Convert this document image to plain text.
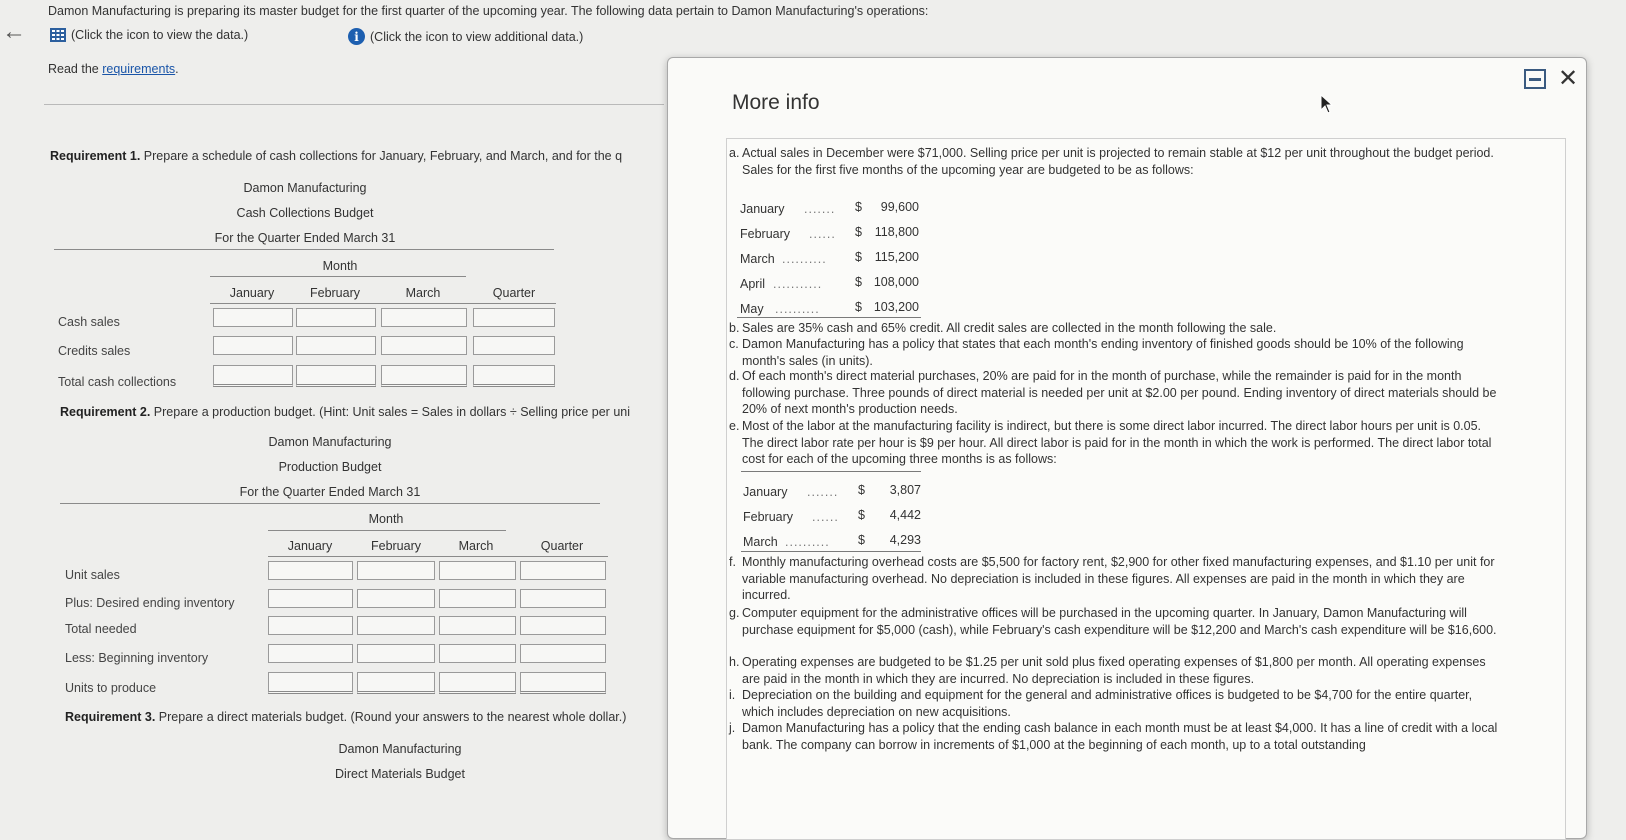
←
Damon Manufacturing is preparing its master budget for the first quarter of the upcoming year. The following data pertain to Damon Manufacturing's operations:
(Click the icon to view the data.)	i (Click the icon to view additional data.)
Read the requirements.
Requirement 1. Prepare a schedule of cash collections for January, February, and March, and for the q
Damon Manufacturing
Cash Collections Budget
For the Quarter Ended March 31
Month
January	February	March	Quarter
Cash sales
Credits sales
Total cash collections
Requirement 2. Prepare a production budget. (Hint: Unit sales = Sales in dollars ÷ Selling price per uni
Damon Manufacturing
Production Budget
For the Quarter Ended March 31
Month
January	February	March	Quarter
Unit sales
Plus: Desired ending inventory
Total needed
Less: Beginning inventory
Units to produce
Requirement 3. Prepare a direct materials budget. (Round your answers to the nearest whole dollar.)
Damon Manufacturing
Direct Materials Budget
More info
✕
a. Actual sales in December were $71,000. Selling price per unit is projected to remain stable at $12 per unit throughout the budget period. Sales for the first five months of the upcoming year are budgeted to be as follows:
January ....... $	99,600
February ...... $	118,800
March .......... $	115,200
April ...........	$ 108,000
May ..........	$ 103,200
b. Sales are 35% cash and 65% credit. All credit sales are collected in the month following the sale.
c. Damon Manufacturing has a policy that states that each month's ending inventory of finished goods should be 10% of the following month's sales (in units).
d. Of each month's direct material purchases, 20% are paid for in the month of purchase, while the remainder is paid for in the month following purchase. Three pounds of direct material is needed per unit at $2.00 per pound. Ending inventory of direct materials should be 20% of next month's production needs.
e. Most of the labor at the manufacturing facility is indirect, but there is some direct labor incurred. The direct labor hours per unit is 0.05. The direct labor rate per hour is $9 per hour. All direct labor is paid for in the month in which the work is performed. The direct labor total cost for each of the upcoming three months is as follows:
January ....... $	3,807
February ...... $	4,442
March .......... $	4,293
f. Monthly manufacturing overhead costs are $5,500 for factory rent, $2,900 for other fixed manufacturing expenses, and $1.10 per unit for variable manufacturing overhead. No depreciation is included in these figures. All expenses are paid in the month in which they are incurred.
g. Computer equipment for the administrative offices will be purchased in the upcoming quarter. In January, Damon Manufacturing will purchase equipment for $5,000 (cash), while February's cash expenditure will be $12,200 and March's cash expenditure will be $16,600.
h. Operating expenses are budgeted to be $1.25 per unit sold plus fixed operating expenses of $1,800 per month. All operating expenses are paid in the month in which they are incurred. No depreciation is included in these figures.
i. Depreciation on the building and equipment for the general and administrative offices is budgeted to be $4,700 for the entire quarter, which includes depreciation on new acquisitions.
j. Damon Manufacturing has a policy that the ending cash balance in each month must be at least $4,000. It has a line of credit with a local bank. The company can borrow in increments of $1,000 at the beginning of each month, up to a total outstanding
